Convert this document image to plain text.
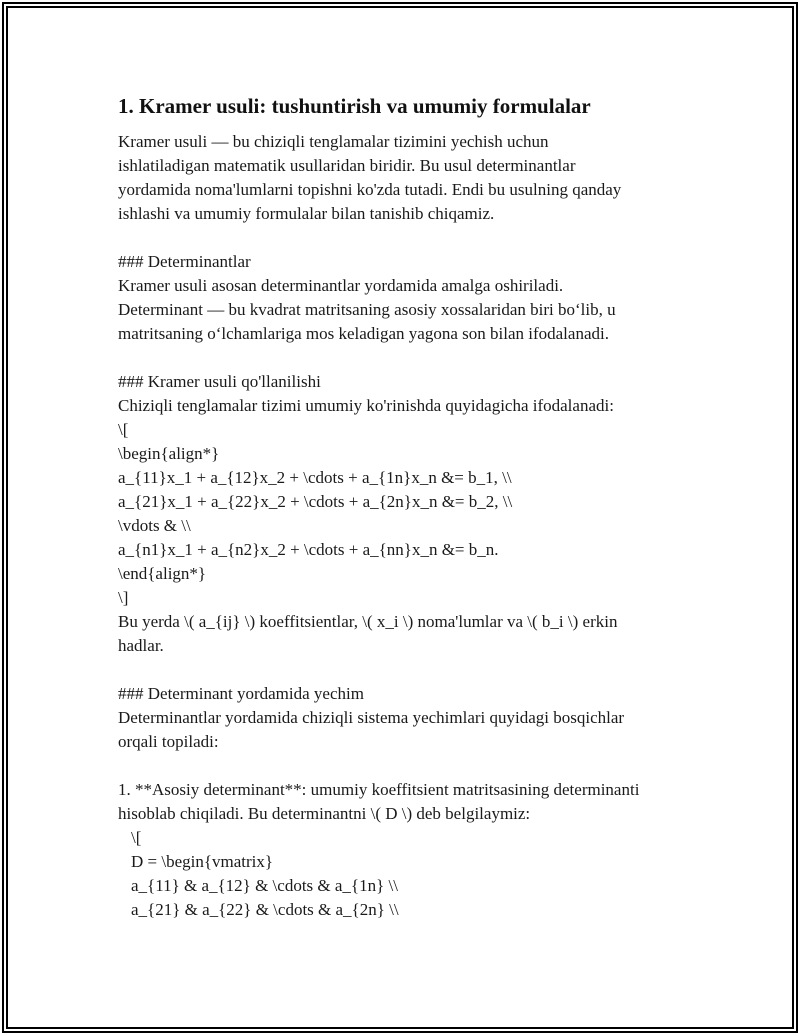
1. Kramer usuli: tushuntirish va umumiy formulalar
Kramer usuli — bu chiziqli tenglamalar tizimini yechish uchun
ishlatiladigan matematik usullaridan biridir. Bu usul determinantlar
yordamida noma'lumlarni topishni ko'zda tutadi. Endi bu usulning qanday
ishlashi va umumiy formulalar bilan tanishib chiqamiz.
### Determinantlar
Kramer usuli asosan determinantlar yordamida amalga oshiriladi.
Determinant — bu kvadrat matritsaning asosiy xossalaridan biri bo‘lib, u
matritsaning o‘lchamlariga mos keladigan yagona son bilan ifodalanadi.
### Kramer usuli qo'llanilishi
Chiziqli tenglamalar tizimi umumiy ko'rinishda quyidagicha ifodalanadi:
\[
\begin{align*}
a_{11}x_1 + a_{12}x_2 + \cdots + a_{1n}x_n &= b_1, \\
a_{21}x_1 + a_{22}x_2 + \cdots + a_{2n}x_n &= b_2, \\
\vdots & \\
a_{n1}x_1 + a_{n2}x_2 + \cdots + a_{nn}x_n &= b_n.
\end{align*}
\]
Bu yerda \( a_{ij} \) koeffitsientlar, \( x_i \) noma'lumlar va \( b_i \) erkin
hadlar.
### Determinant yordamida yechim
Determinantlar yordamida chiziqli sistema yechimlari quyidagi bosqichlar
orqali topiladi:
1. **Asosiy determinant**: umumiy koeffitsient matritsasining determinanti
hisoblab chiqiladi. Bu determinantni \( D \) deb belgilaymiz:
\[
D = \begin{vmatrix}
a_{11} & a_{12} & \cdots & a_{1n} \\
a_{21} & a_{22} & \cdots & a_{2n} \\
